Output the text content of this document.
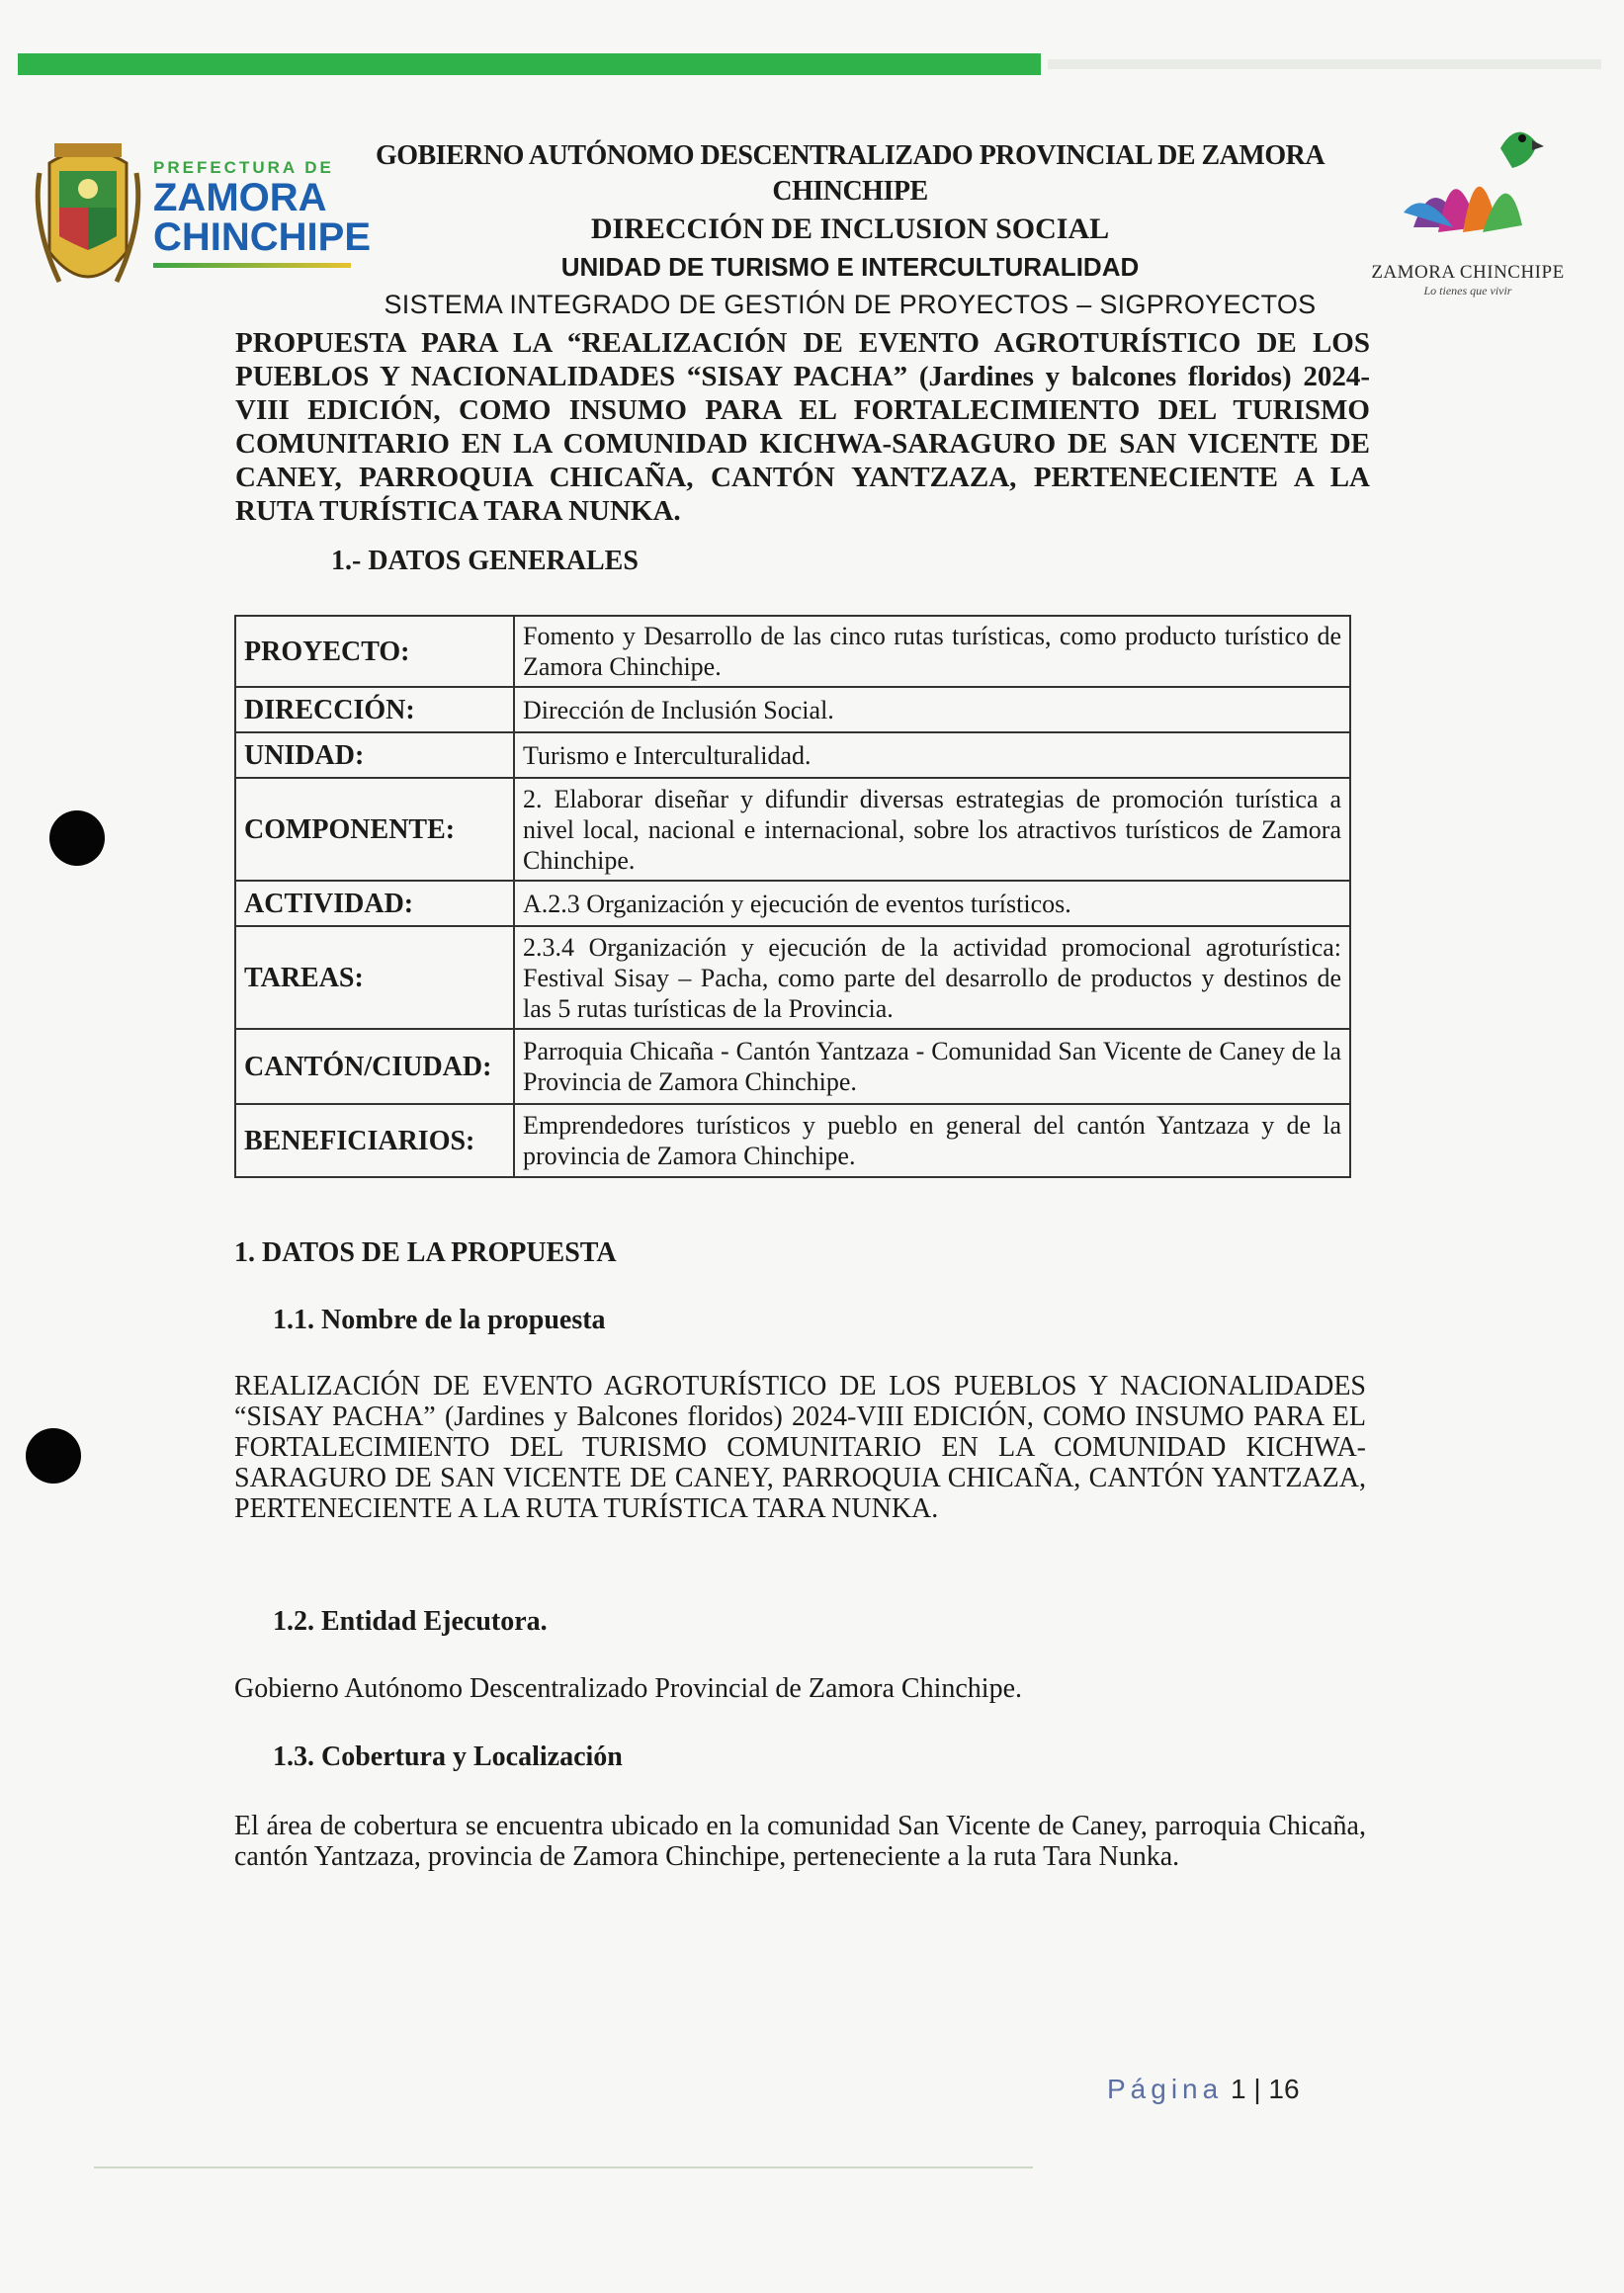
PREFECTURA DE
ZAMORA
CHINCHIPE
GOBIERNO AUTÓNOMO DESCENTRALIZADO PROVINCIAL DE ZAMORA CHINCHIPE
DIRECCIÓN DE INCLUSION SOCIAL
UNIDAD DE TURISMO E INTERCULTURALIDAD
SISTEMA INTEGRADO DE GESTIÓN DE PROYECTOS – SIGPROYECTOS
ZAMORA CHINCHIPE
Lo tienes que vivir
PROPUESTA PARA LA “REALIZACIÓN DE EVENTO AGROTURÍSTICO DE LOS PUEBLOS Y NACIONALIDADES “SISAY PACHA” (Jardines y balcones floridos) 2024-VIII EDICIÓN, COMO INSUMO PARA EL FORTALECIMIENTO DEL TURISMO COMUNITARIO EN LA COMUNIDAD KICHWA-SARAGURO DE SAN VICENTE DE CANEY, PARROQUIA CHICAÑA, CANTÓN YANTZAZA, PERTENECIENTE A LA RUTA TURÍSTICA TARA NUNKA.
1.- DATOS GENERALES
PROYECTO:	Fomento y Desarrollo de las cinco rutas turísticas, como producto turístico de Zamora Chinchipe.
DIRECCIÓN:	Dirección de Inclusión Social.
UNIDAD:	Turismo e Interculturalidad.
COMPONENTE:	2. Elaborar diseñar y difundir diversas estrategias de promoción turística a nivel local, nacional e internacional, sobre los atractivos turísticos de Zamora Chinchipe.
ACTIVIDAD:	A.2.3 Organización y ejecución de eventos turísticos.
TAREAS:	2.3.4 Organización y ejecución de la actividad promocional agroturística: Festival Sisay – Pacha, como parte del desarrollo de productos y destinos de las 5 rutas turísticas de la Provincia.
CANTÓN/CIUDAD:	Parroquia Chicaña - Cantón Yantzaza - Comunidad San Vicente de Caney de la Provincia de Zamora Chinchipe.
BENEFICIARIOS:	Emprendedores turísticos y pueblo en general del cantón Yantzaza y de la provincia de Zamora Chinchipe.
1. DATOS DE LA PROPUESTA
1.1. Nombre de la propuesta
REALIZACIÓN DE EVENTO AGROTURÍSTICO DE LOS PUEBLOS Y NACIONALIDADES “SISAY PACHA” (Jardines y Balcones floridos) 2024-VIII EDICIÓN, COMO INSUMO PARA EL FORTALECIMIENTO DEL TURISMO COMUNITARIO EN LA COMUNIDAD KICHWA-SARAGURO DE SAN VICENTE DE CANEY, PARROQUIA CHICAÑA, CANTÓN YANTZAZA, PERTENECIENTE A LA RUTA TURÍSTICA TARA NUNKA.
1.2. Entidad Ejecutora.
Gobierno Autónomo Descentralizado Provincial de Zamora Chinchipe.
1.3. Cobertura y Localización
El área de cobertura se encuentra ubicado en la comunidad San Vicente de Caney, parroquia Chicaña, cantón Yantzaza, provincia de Zamora Chinchipe, perteneciente a la ruta Tara Nunka.
Página 1 | 16
